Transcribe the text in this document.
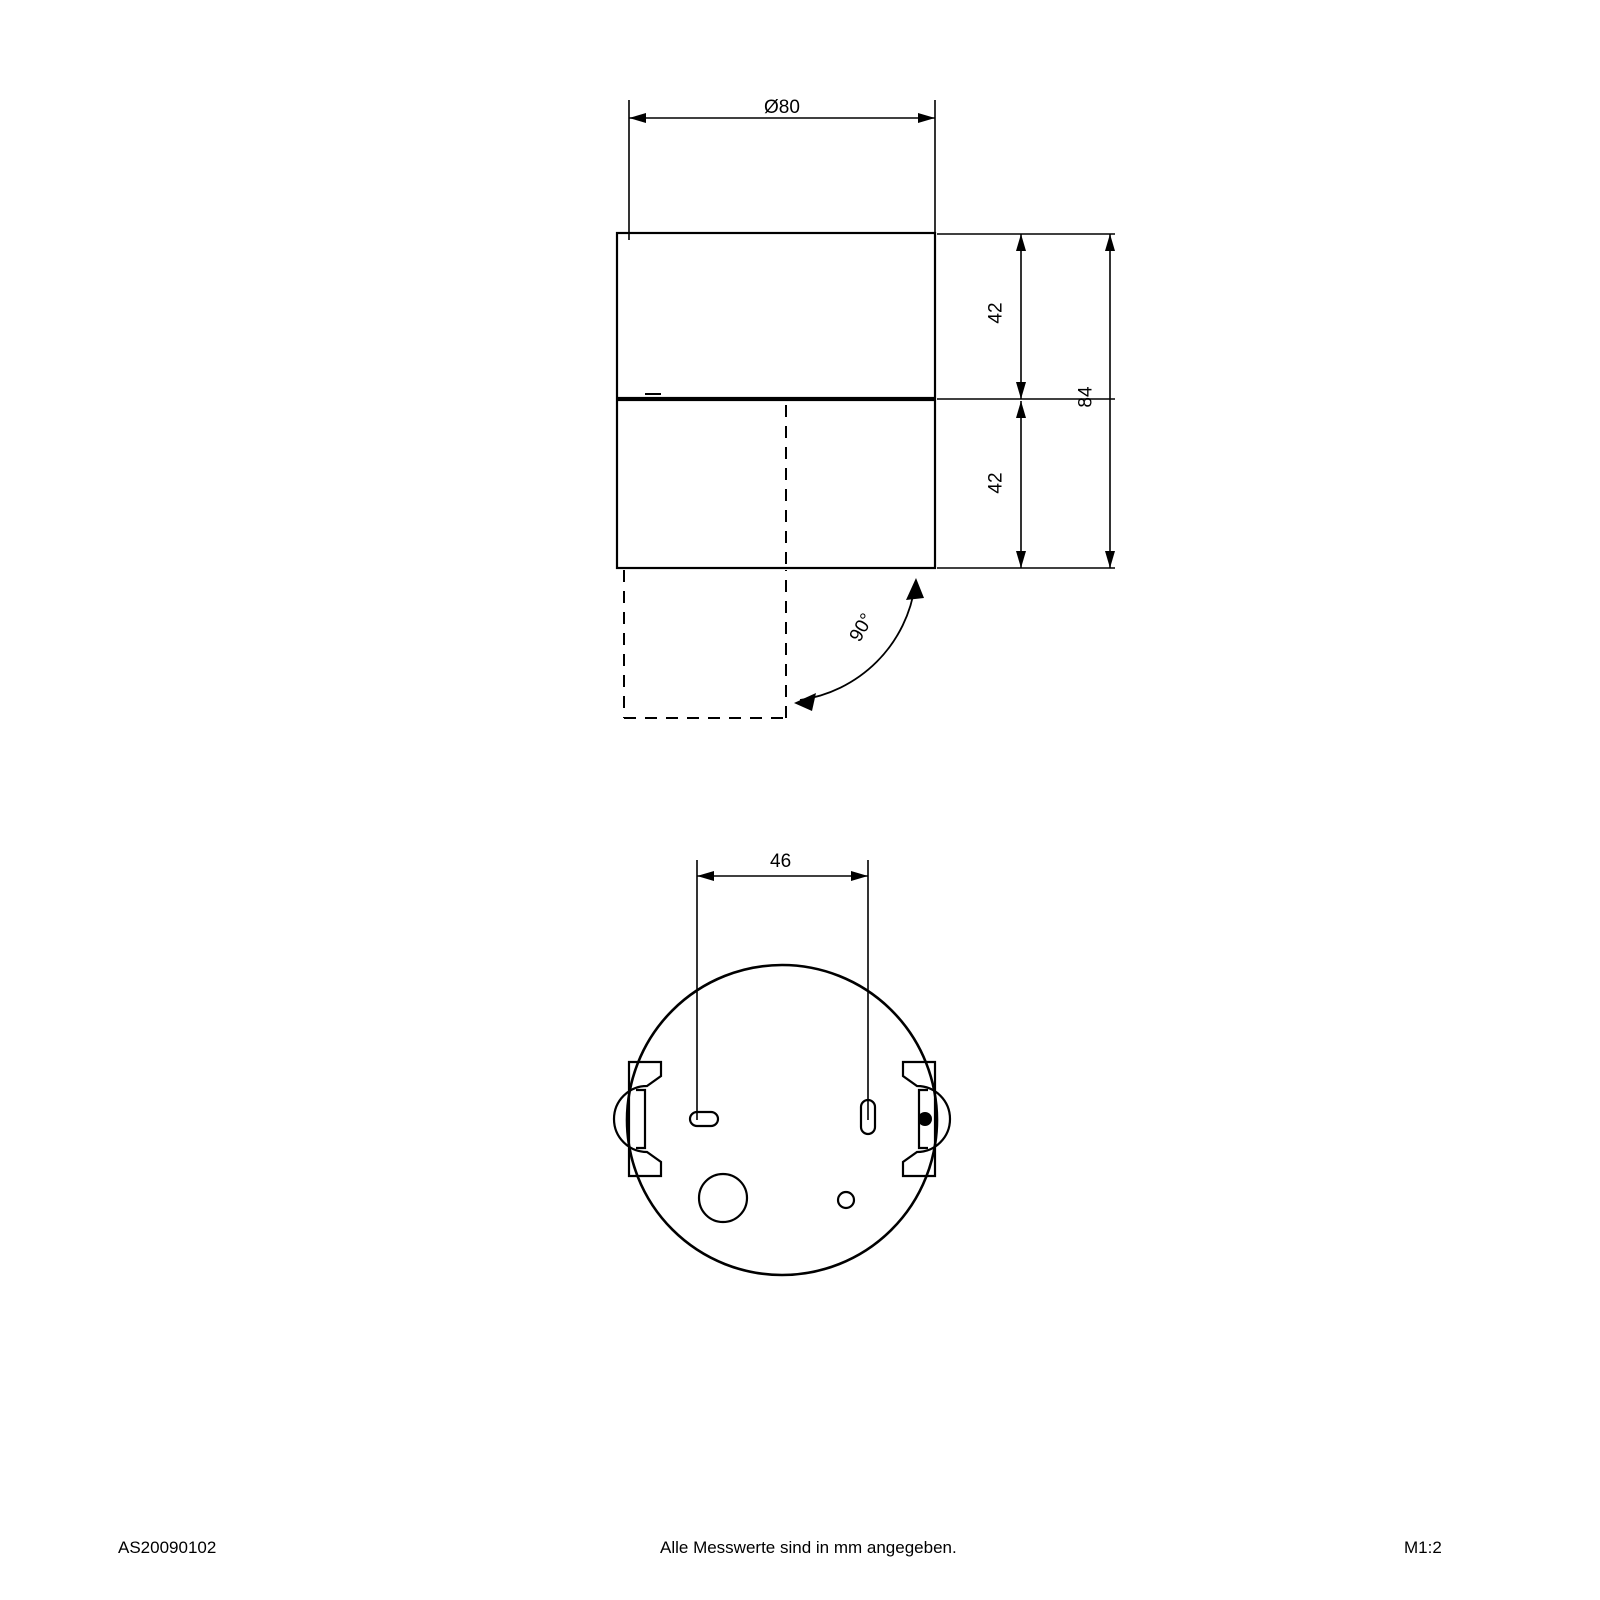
Ø80
42
42
84
90°
46
AS20090102	Alle Messwerte sind in mm angegeben.	M1:2
